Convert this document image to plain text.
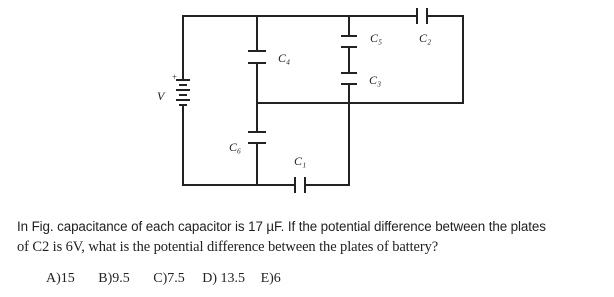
V
+
C₄
C₅
C₃
C₂
C₆
C₁
In Fig. capacitance of each capacitor is 17 µF. If the potential difference between the plates
of C2 is 6V, what is the potential difference between the plates of battery?
A)15 B)9.5 C)7.5 D) 13.5 E)6
